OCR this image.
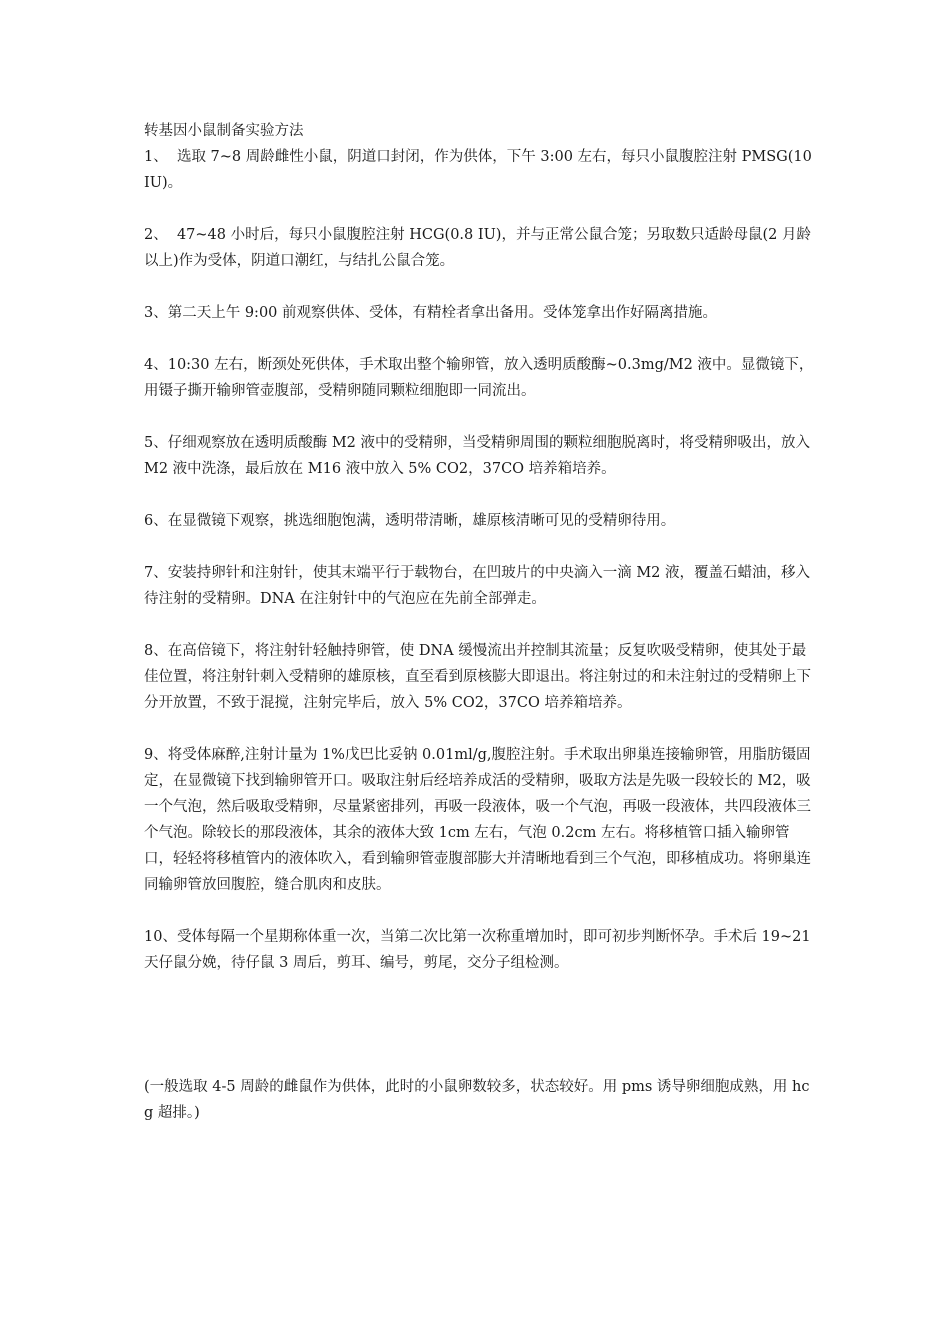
转基因小鼠制备实验方法

1、  选取 7~8 周龄雌性小鼠，阴道口封闭，作为供体，下午 3:00 左右，每只小鼠腹腔注射 PMSG(10 IU)。

2、  47~48 小时后，每只小鼠腹腔注射 HCG(0.8 IU)，并与正常公鼠合笼；另取数只适龄母鼠(2 月龄以上)作为受体，阴道口潮红，与结扎公鼠合笼。

3、第二天上午 9:00 前观察供体、受体，有精栓者拿出备用。受体笼拿出作好隔离措施。

4、10:30 左右，断颈处死供体，手术取出整个输卵管，放入透明质酸酶~0.3mg/M2 液中。显微镜下，用镊子撕开输卵管壶腹部，受精卵随同颗粒细胞即一同流出。

5、仔细观察放在透明质酸酶 M2 液中的受精卵，当受精卵周围的颗粒细胞脱离时，将受精卵吸出，放入 M2 液中洗涤，最后放在 M16 液中放入 5% CO2，37CO 培养箱培养。

6、在显微镜下观察，挑选细胞饱满，透明带清晰，雄原核清晰可见的受精卵待用。

7、安装持卵针和注射针，使其末端平行于载物台，在凹玻片的中央滴入一滴 M2 液，覆盖石蜡油，移入待注射的受精卵。DNA 在注射针中的气泡应在先前全部弹走。

8、在高倍镜下，将注射针轻触持卵管，使 DNA 缓慢流出并控制其流量；反复吹吸受精卵，使其处于最佳位置，将注射针刺入受精卵的雄原核，直至看到原核膨大即退出。将注射过的和未注射过的受精卵上下分开放置，不致于混搅，注射完毕后，放入 5% CO2，37CO 培养箱培养。

9、将受体麻醉,注射计量为 1%戊巴比妥钠 0.01ml/g,腹腔注射。手术取出卵巢连接输卵管，用脂肪镊固定，在显微镜下找到输卵管开口。吸取注射后经培养成活的受精卵，吸取方法是先吸一段较长的 M2，吸一个气泡，然后吸取受精卵，尽量紧密排列，再吸一段液体，吸一个气泡，再吸一段液体，共四段液体三个气泡。除较长的那段液体，其余的液体大致 1cm 左右，气泡 0.2cm 左右。将移植管口插入输卵管口，轻轻将移植管内的液体吹入，看到输卵管壶腹部膨大并清晰地看到三个气泡，即移植成功。将卵巢连同输卵管放回腹腔，缝合肌肉和皮肤。

10、受体每隔一个星期称体重一次，当第二次比第一次称重增加时，即可初步判断怀孕。手术后 19~21 天仔鼠分娩，待仔鼠 3 周后，剪耳、编号，剪尾，交分子组检测。

(一般选取 4-5 周龄的雌鼠作为供体，此时的小鼠卵数较多，状态较好。用 pms 诱导卵细胞成熟，用 hcg 超排。)
